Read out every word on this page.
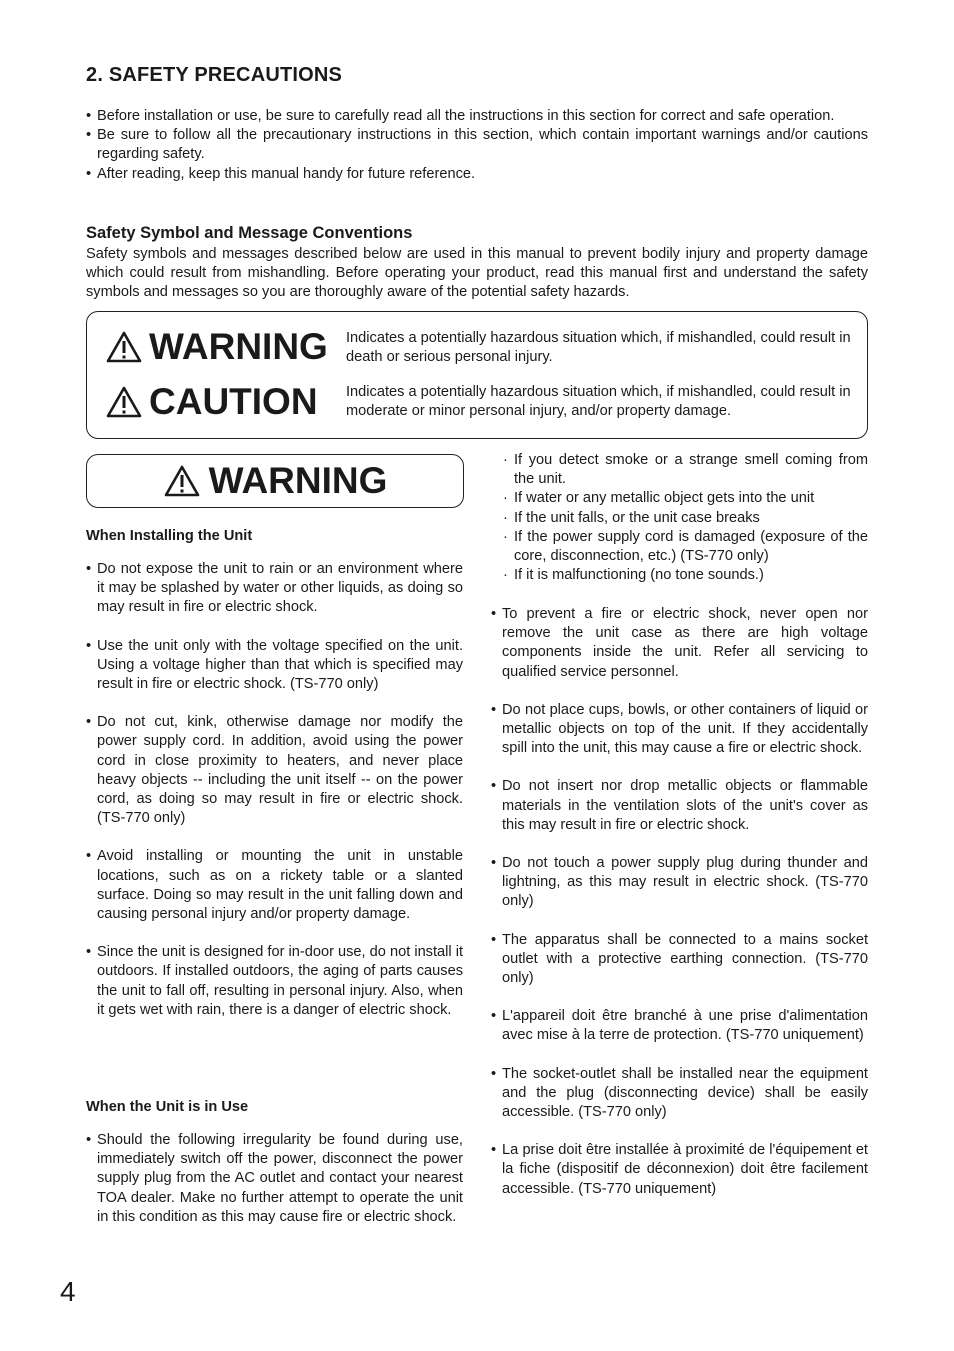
2. SAFETY PRECAUTIONS
• Before installation or use, be sure to carefully read all the instructions in this section for correct and safe operation.
• Be sure to follow all the precautionary instructions in this section, which contain important warnings and/or cautions regarding safety.
• After reading, keep this manual handy for future reference.
Safety Symbol and Message Conventions

Safety symbols and messages described below are used in this manual to prevent bodily injury and property damage which could result from mishandling. Before operating your product, read this manual first and understand the safety symbols and messages so you are thoroughly aware of the potential safety hazards.

WARNING Indicates a potentially hazardous situation which, if mishandled, could result in death or serious personal injury.
CAUTION Indicates a potentially hazardous situation which, if mishandled, could result in moderate or minor personal injury, and/or property damage.
WARNING
When Installing the Unit
• Do not expose the unit to rain or an environment where it may be splashed by water or other liquids, as doing so may result in fire or electric shock.
• Use the unit only with the voltage specified on the unit. Using a voltage higher than that which is specified may result in fire or electric shock. (TS-770 only)
• Do not cut, kink, otherwise damage nor modify the power supply cord. In addition, avoid using the power cord in close proximity to heaters, and never place heavy objects -- including the unit itself -- on the power cord, as doing so may result in fire or electric shock. (TS-770 only)
• Avoid installing or mounting the unit in unstable locations, such as on a rickety table or a slanted surface. Doing so may result in the unit falling down and causing personal injury and/or property damage.
• Since the unit is designed for in-door use, do not install it outdoors. If installed outdoors, the aging of parts causes the unit to fall off, resulting in personal injury. Also, when it gets wet with rain, there is a danger of electric shock.
When the Unit is in Use
• Should the following irregularity be found during use, immediately switch off the power, disconnect the power supply plug from the AC outlet and contact your nearest TOA dealer. Make no further attempt to operate the unit in this condition as this may cause fire or electric shock.
· If you detect smoke or a strange smell coming from the unit.
· If water or any metallic object gets into the unit
· If the unit falls, or the unit case breaks
· If the power supply cord is damaged (exposure of the core, disconnection, etc.) (TS-770 only)
· If it is malfunctioning (no tone sounds.)
• To prevent a fire or electric shock, never open nor remove the unit case as there are high voltage components inside the unit. Refer all servicing to qualified service personnel.
• Do not place cups, bowls, or other containers of liquid or metallic objects on top of the unit. If they accidentally spill into the unit, this may cause a fire or electric shock.
• Do not insert nor drop metallic objects or flammable materials in the ventilation slots of the unit's cover as this may result in fire or electric shock.
• Do not touch a power supply plug during thunder and lightning, as this may result in electric shock. (TS-770 only)
• The apparatus shall be connected to a mains socket outlet with a protective earthing connection. (TS-770 only)
• L'appareil doit être branché à une prise d'alimentation avec mise à la terre de protection. (TS-770 uniquement)
• The socket-outlet shall be installed near the equipment and the plug (disconnecting device) shall be easily accessible. (TS-770 only)
• La prise doit être installée à proximité de l'équipement et la fiche (dispositif de déconnexion) doit être facilement accessible. (TS-770 uniquement)
4
